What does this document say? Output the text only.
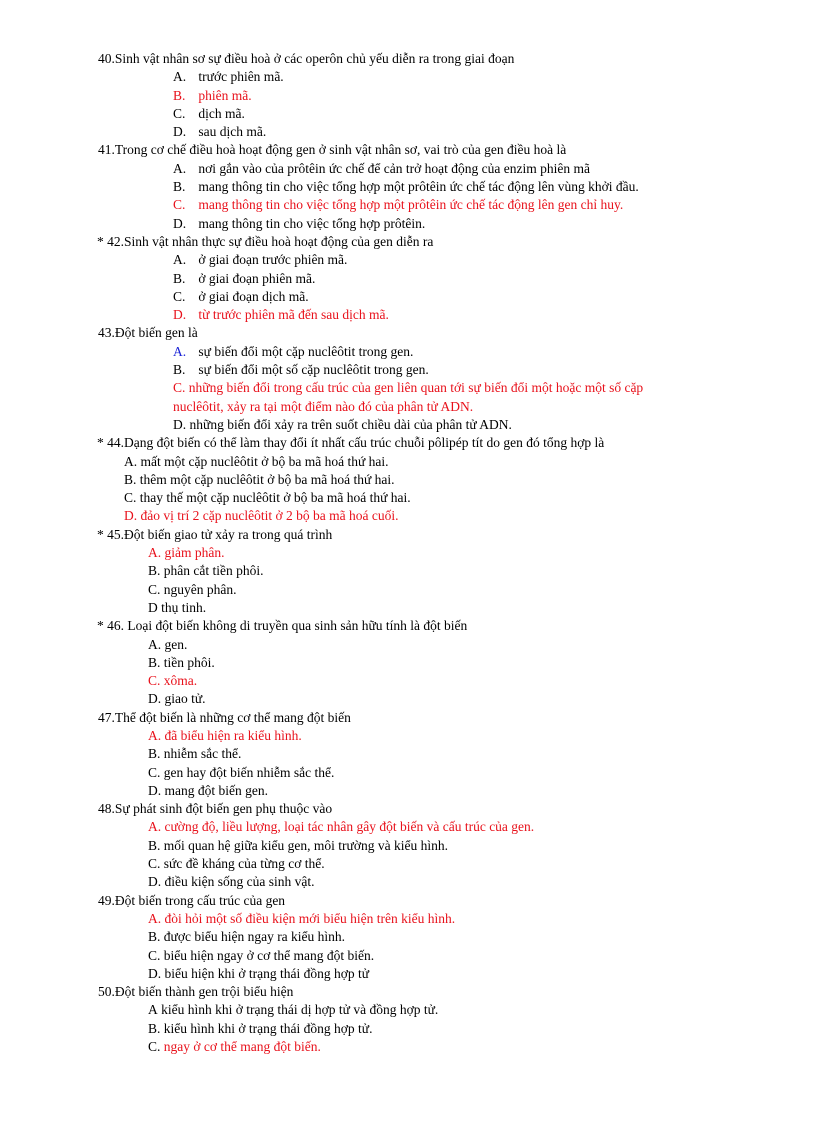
40.Sinh vật nhân sơ sự điều hoà ở các operôn chủ yếu diễn ra trong giai đoạn
A. trước phiên mã.
B. phiên mã.
C. dịch mã.
D. sau dịch mã.
41.Trong cơ chế điều hoà hoạt động gen ở sinh vật nhân sơ, vai trò của gen điều hoà là
A. nơi gắn vào của prôtêin ức chế để cản trở hoạt động của enzim phiên mã
B. mang thông tin cho việc tổng hợp một prôtêin ức chế tác động lên vùng khởi đầu.
C. mang thông tin cho việc tổng hợp một prôtêin ức chế tác động lên gen chỉ huy.
D. mang thông tin cho việc tổng hợp prôtêin.
* 42.Sinh vật nhân thực sự điều hoà hoạt động của gen diễn ra
A. ở giai đoạn trước phiên mã.
B. ở giai đoạn phiên mã.
C. ở giai đoạn dịch mã.
D. từ trước phiên mã đến sau dịch mã.
43.Đột biến gen là
A. sự biến đổi một cặp nuclêôtit trong gen.
B. sự biến đổi một số cặp nuclêôtit trong gen.
C. những biến đổi trong cấu trúc của gen liên quan tới sự biến đổi một hoặc một số cặp
nuclêôtit, xảy ra tại một điểm nào đó của phân tử ADN.
D. những biến đổi xảy ra trên suốt chiều dài của phân tử ADN.
* 44.Dạng đột biến có thể làm thay đổi ít nhất cấu trúc chuỗi pôlipép tít do gen đó tổng hợp là
A. mất một cặp nuclêôtit ở bộ ba mã hoá thứ hai.
B. thêm một cặp nuclêôtit ở bộ ba mã hoá thứ hai.
C. thay thế một cặp nuclêôtit ở bộ ba mã hoá thứ hai.
D. đảo vị trí 2 cặp nuclêôtit ở 2 bộ ba mã hoá cuối.
* 45.Đột biến giao tử xảy ra trong quá trình
A. giảm phân.
B. phân cắt tiền phôi.
C. nguyên phân.
D thụ tinh.
* 46. Loại đột biến không di truyền qua sinh sản hữu tính là đột biến
A. gen.
B. tiền phôi.
C. xôma.
D. giao tử.
47.Thể đột biến là những cơ thể mang đột biến
A. đã biểu hiện ra kiểu hình.
B. nhiễm sắc thể.
C. gen hay đột biến nhiễm sắc thể.
D. mang đột biến gen.
48.Sự phát sinh đột biến gen phụ thuộc vào
A. cường độ, liều lượng, loại tác nhân gây đột biến và cấu trúc của gen.
B. mối quan hệ giữa kiểu gen, môi trường và kiểu hình.
C. sức đề kháng của từng cơ thể.
D. điều kiện sống của sinh vật.
49.Đột biến trong cấu trúc của gen
A. đòi hỏi một số điều kiện mới biểu hiện trên kiểu hình.
B. được biểu hiện ngay ra kiểu hình.
C. biểu hiện ngay ở cơ thể mang đột biến.
D. biểu hiện khi ở trạng thái đồng hợp tử
50.Đột biến thành gen trội biểu hiện
A kiểu hình khi ở trạng thái dị hợp tử và đồng hợp tử.
B. kiểu hình khi ở trạng thái đồng hợp tử.
C. ngay ở cơ thể mang đột biến.
